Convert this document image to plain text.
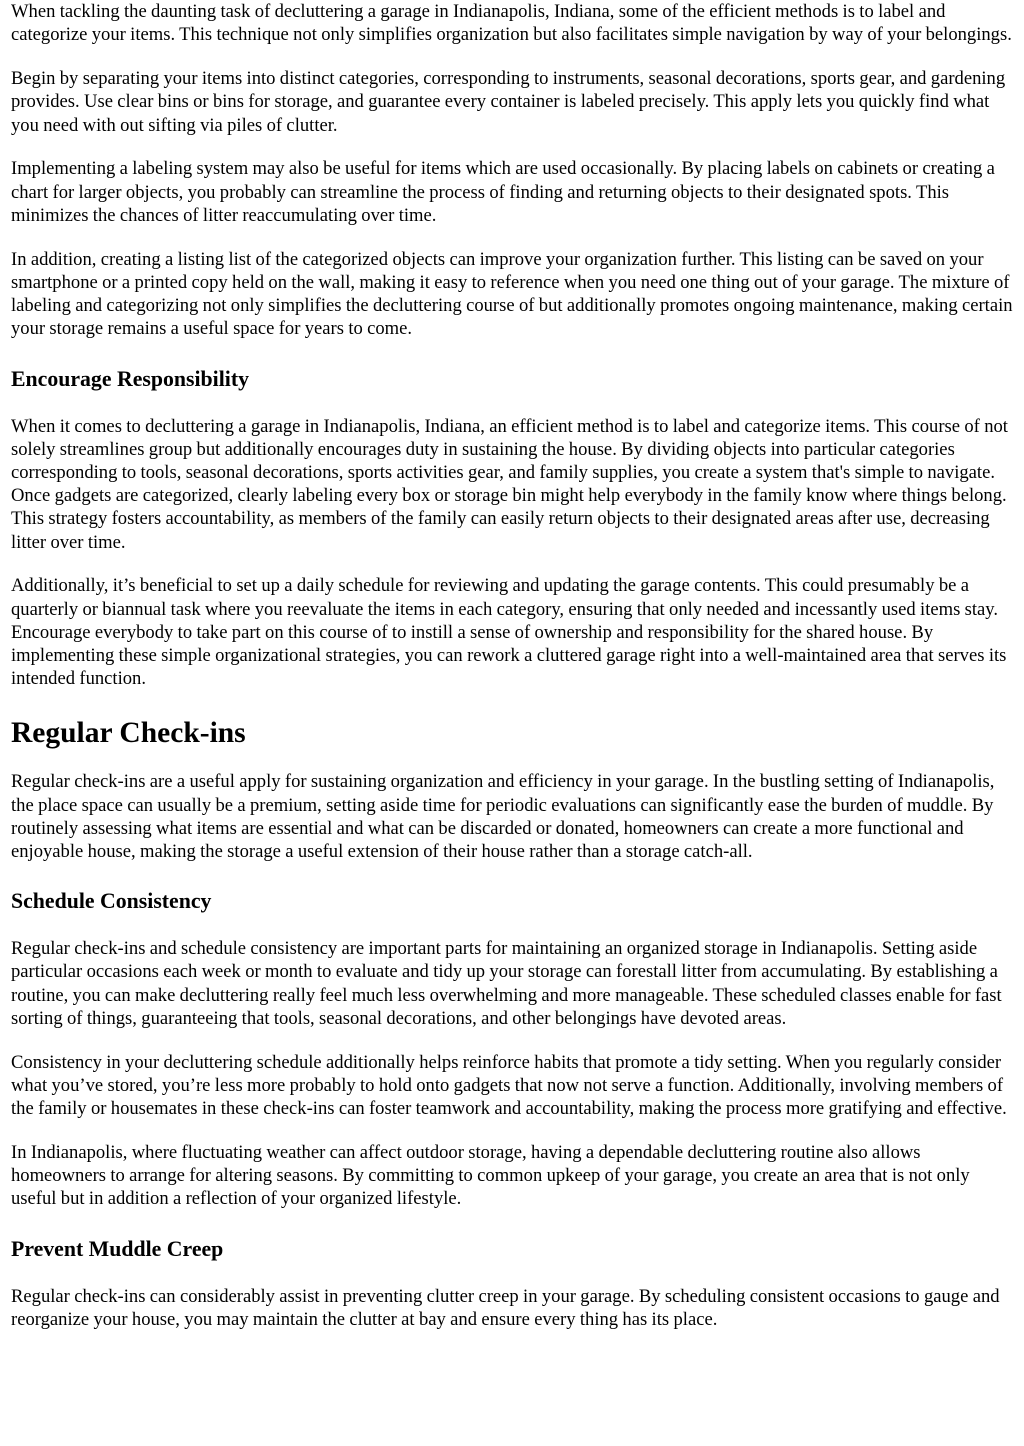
When tackling the daunting task of decluttering a garage in Indianapolis, Indiana, some of the efficient methods is to label and categorize your items. This technique not only simplifies organization but also facilitates simple navigation by way of your belongings.

Begin by separating your items into distinct categories, corresponding to instruments, seasonal decorations, sports gear, and gardening provides. Use clear bins or bins for storage, and guarantee every container is labeled precisely. This apply lets you quickly find what you need with out sifting via piles of clutter.

Implementing a labeling system may also be useful for items which are used occasionally. By placing labels on cabinets or creating a chart for larger objects, you probably can streamline the process of finding and returning objects to their designated spots. This minimizes the chances of litter reaccumulating over time.

In addition, creating a listing list of the categorized objects can improve your organization further. This listing can be saved on your smartphone or a printed copy held on the wall, making it easy to reference when you need one thing out of your garage. The mixture of labeling and categorizing not only simplifies the decluttering course of but additionally promotes ongoing maintenance, making certain your storage remains a useful space for years to come.

Encourage Responsibility

When it comes to decluttering a garage in Indianapolis, Indiana, an efficient method is to label and categorize items. This course of not solely streamlines group but additionally encourages duty in sustaining the house. By dividing objects into particular categories corresponding to tools, seasonal decorations, sports activities gear, and family supplies, you create a system that's simple to navigate. Once gadgets are categorized, clearly labeling every box or storage bin might help everybody in the family know where things belong. This strategy fosters accountability, as members of the family can easily return objects to their designated areas after use, decreasing litter over time.

Additionally, it’s beneficial to set up a daily schedule for reviewing and updating the garage contents. This could presumably be a quarterly or biannual task where you reevaluate the items in each category, ensuring that only needed and incessantly used items stay. Encourage everybody to take part on this course of to instill a sense of ownership and responsibility for the shared house. By implementing these simple organizational strategies, you can rework a cluttered garage right into a well-maintained area that serves its intended function.

Regular Check-ins

Regular check-ins are a useful apply for sustaining organization and efficiency in your garage. In the bustling setting of Indianapolis, the place space can usually be a premium, setting aside time for periodic evaluations can significantly ease the burden of muddle. By routinely assessing what items are essential and what can be discarded or donated, homeowners can create a more functional and enjoyable house, making the storage a useful extension of their house rather than a storage catch-all.

Schedule Consistency

Regular check-ins and schedule consistency are important parts for maintaining an organized storage in Indianapolis. Setting aside particular occasions each week or month to evaluate and tidy up your storage can forestall litter from accumulating. By establishing a routine, you can make decluttering really feel much less overwhelming and more manageable. These scheduled classes enable for fast sorting of things, guaranteeing that tools, seasonal decorations, and other belongings have devoted areas.

Consistency in your decluttering schedule additionally helps reinforce habits that promote a tidy setting. When you regularly consider what you’ve stored, you’re less more probably to hold onto gadgets that now not serve a function. Additionally, involving members of the family or housemates in these check-ins can foster teamwork and accountability, making the process more gratifying and effective.

In Indianapolis, where fluctuating weather can affect outdoor storage, having a dependable decluttering routine also allows homeowners to arrange for altering seasons. By committing to common upkeep of your garage, you create an area that is not only useful but in addition a reflection of your organized lifestyle.

Prevent Muddle Creep

Regular check-ins can considerably assist in preventing clutter creep in your garage. By scheduling consistent occasions to gauge and reorganize your house, you may maintain the clutter at bay and ensure every thing has its place.
